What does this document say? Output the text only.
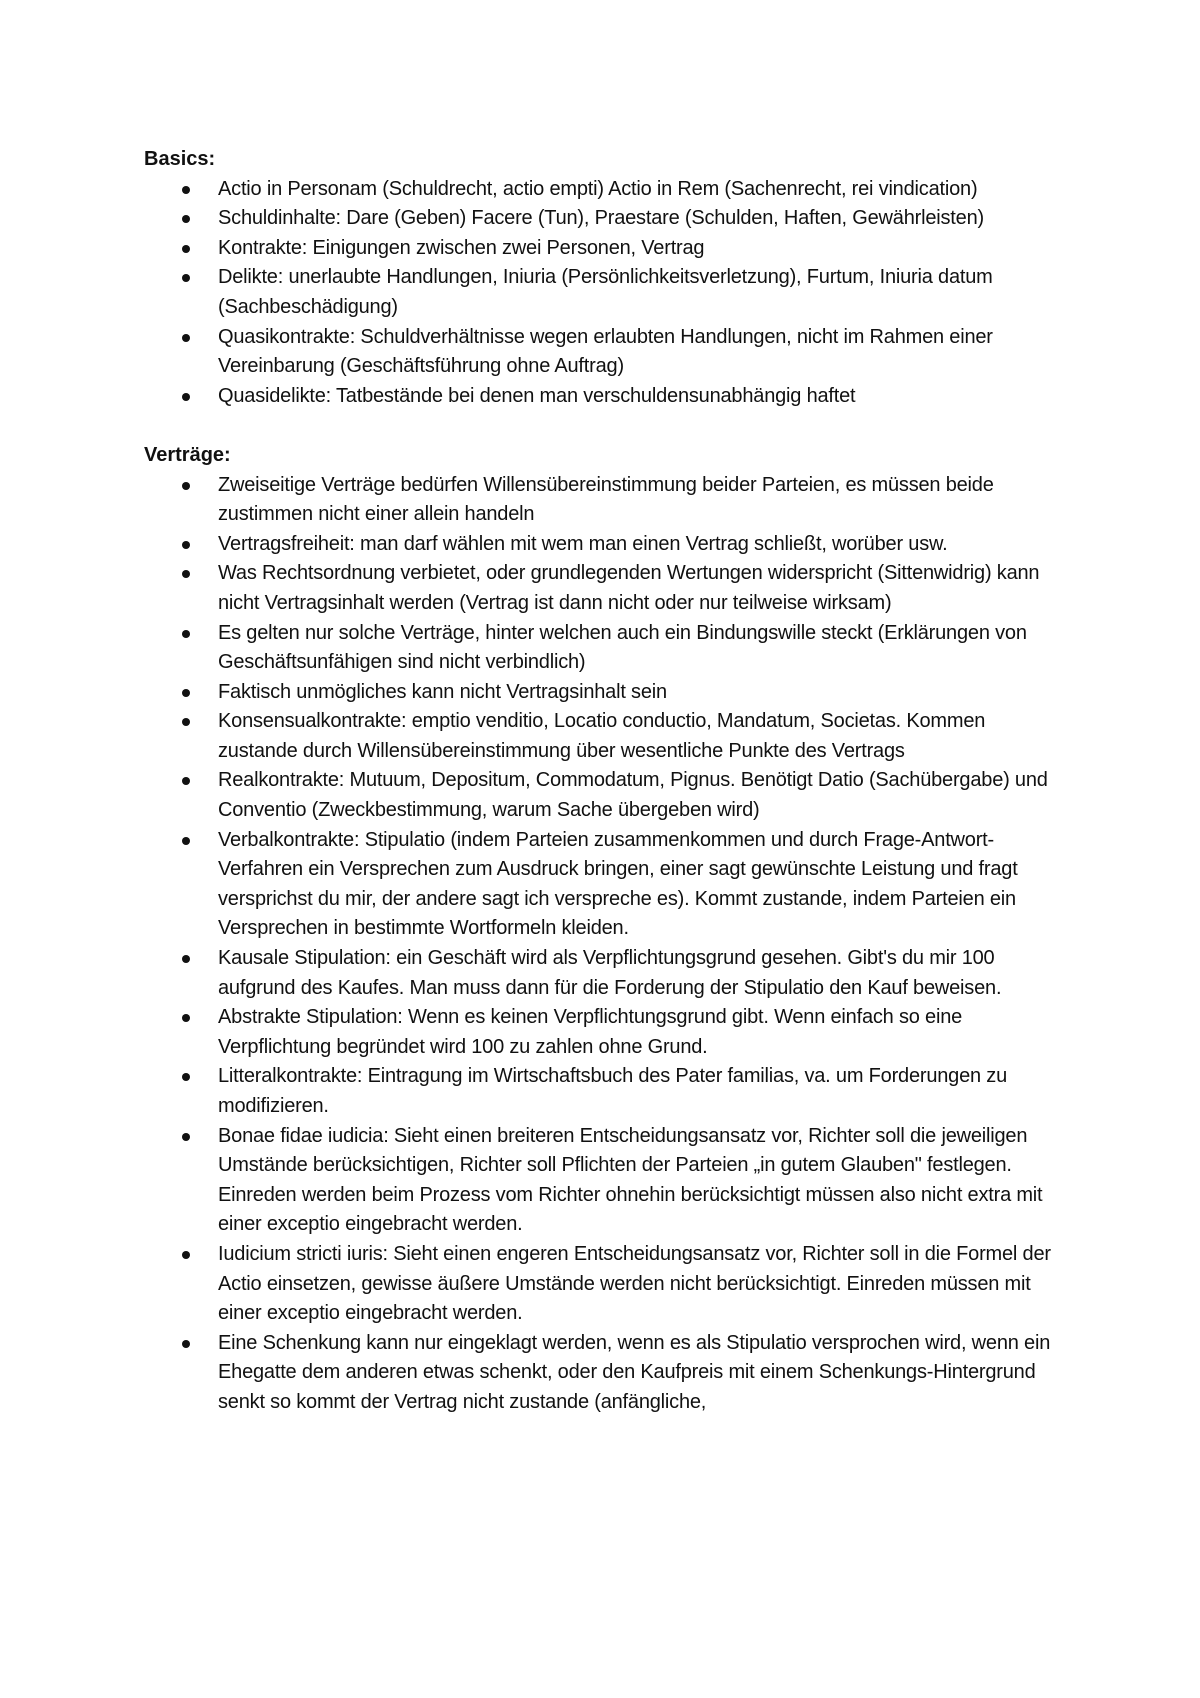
Basics:

Actio in Personam (Schuldrecht, actio empti) Actio in Rem (Sachenrecht, rei vindication)
Schuldinhalte: Dare (Geben) Facere (Tun), Praestare (Schulden, Haften, Gewährleisten)
Kontrakte: Einigungen zwischen zwei Personen, Vertrag
Delikte: unerlaubte Handlungen, Iniuria (Persönlichkeitsverletzung), Furtum, Iniuria datum (Sachbeschädigung)
Quasikontrakte: Schuldverhältnisse wegen erlaubten Handlungen, nicht im Rahmen einer Vereinbarung (Geschäftsführung ohne Auftrag)
Quasidelikte: Tatbestände bei denen man verschuldensunabhängig haftet

Verträge:

Zweiseitige Verträge bedürfen Willensübereinstimmung beider Parteien, es müssen beide zustimmen nicht einer allein handeln
Vertragsfreiheit: man darf wählen mit wem man einen Vertrag schließt, worüber usw.
Was Rechtsordnung verbietet, oder grundlegenden Wertungen widerspricht (Sittenwidrig) kann nicht Vertragsinhalt werden (Vertrag ist dann nicht oder nur teilweise wirksam)
Es gelten nur solche Verträge, hinter welchen auch ein Bindungswille steckt (Erklärungen von Geschäftsunfähigen sind nicht verbindlich)
Faktisch unmögliches kann nicht Vertragsinhalt sein
Konsensualkontrakte: emptio venditio, Locatio conductio, Mandatum, Societas. Kommen zustande durch Willensübereinstimmung über wesentliche Punkte des Vertrags
Realkontrakte: Mutuum, Depositum, Commodatum, Pignus. Benötigt Datio (Sachübergabe) und Conventio (Zweckbestimmung, warum Sache übergeben wird)
Verbalkontrakte: Stipulatio (indem Parteien zusammenkommen und durch Frage-Antwort-Verfahren ein Versprechen zum Ausdruck bringen, einer sagt gewünschte Leistung und fragt versprichst du mir, der andere sagt ich verspreche es). Kommt zustande, indem Parteien ein Versprechen in bestimmte Wortformeln kleiden.
Kausale Stipulation: ein Geschäft wird als Verpflichtungsgrund gesehen. Gibt's du mir 100 aufgrund des Kaufes. Man muss dann für die Forderung der Stipulatio den Kauf beweisen.
Abstrakte Stipulation: Wenn es keinen Verpflichtungsgrund gibt. Wenn einfach so eine Verpflichtung begründet wird 100 zu zahlen ohne Grund.
Litteralkontrakte: Eintragung im Wirtschaftsbuch des Pater familias, va. um Forderungen zu modifizieren.
Bonae fidae iudicia: Sieht einen breiteren Entscheidungsansatz vor, Richter soll die jeweiligen Umstände berücksichtigen, Richter soll Pflichten der Parteien „in gutem Glauben" festlegen. Einreden werden beim Prozess vom Richter ohnehin berücksichtigt müssen also nicht extra mit einer exceptio eingebracht werden.
Iudicium stricti iuris: Sieht einen engeren Entscheidungsansatz vor, Richter soll in die Formel der Actio einsetzen, gewisse äußere Umstände werden nicht berücksichtigt. Einreden müssen mit einer exceptio eingebracht werden.
Eine Schenkung kann nur eingeklagt werden, wenn es als Stipulatio versprochen wird, wenn ein Ehegatte dem anderen etwas schenkt, oder den Kaufpreis mit einem Schenkungs-Hintergrund senkt so kommt der Vertrag nicht zustande (anfängliche,
